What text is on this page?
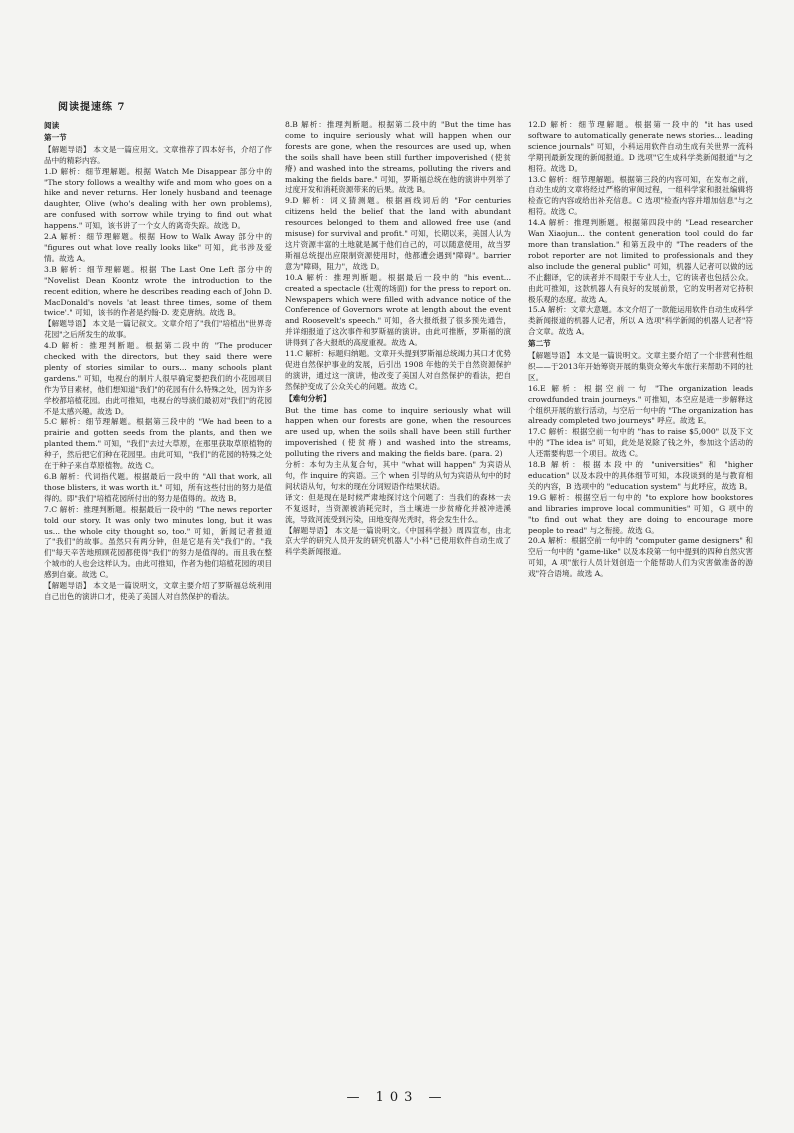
阅读提速练 7
阅读
第一节

【解题导语】 本文是一篇应用文。文章推荐了四本好书，介绍了作品中的精彩内容。

1.D 解析：细节理解题。根据 Watch Me Disappear 部分中的 "The story follows a wealthy wife and mom who goes on a hike and never returns. Her lonely husband and teenage daughter, Olive (who's dealing with her own problems), are confused with sorrow while trying to find out what happens." 可知，该书讲了一个女人的离奇失踪。故选 D。

2.A 解析：细节理解题。根据 How to Walk Away 部分中的 "figures out what love really looks like" 可知，此书涉及爱情。故选 A。

3.B 解析：细节理解题。根据 The Last One Left 部分中的 "Novelist Dean Koontz wrote the introduction to the recent edition, where he describes reading each of John D. MacDonald's novels 'at least three times, some of them twice'." 可知，该书的作者是约翰·D. 麦克唐纳。故选 B。

【解题导语】 本文是一篇记叙文。文章介绍了"我们"培植出"世界奇花园"之后所发生的故事。

4.D 解析：推理判断题。根据第二段中的 "The producer checked with the directors, but they said there were plenty of stories similar to ours... many schools plant gardens." 可知，电视台的制片人很早确定要把我们的小花园项目作为节目素材，他们想知道"我们"的花园有什么特殊之处，因为许多学校都培植花园。由此可推知，电视台的导演们最初对"我们"的花园不是太感兴趣。故选 D。

5.C 解析：细节理解题。根据第三段中的 "We had been to a prairie and gotten seeds from the plants, and then we planted them." 可知，"我们"去过大草原，在那里获取草原植物的种子，然后把它们种在花园里。由此可知，"我们"的花园的特殊之处在于种子来自草原植物。故选 C。

6.B 解析：代词指代题。根据最后一段中的 "All that work, all those blisters, it was worth it." 可知，所有这些付出的努力是值得的。即"我们"培植花园所付出的努力是值得的。故选 B。

7.C 解析：推理判断题。根据最后一段中的 "The news reporter told our story. It was only two minutes long, but it was us... the whole city thought so, too." 可知，新闻记者报道了"我们"的故事。虽然只有两分钟，但是它是有关"我们"的。"我们"每天辛苦地照顾花园都使得"我们"的努力是值得的。而且我在整个城市的人也会这样认为。由此可推知，作者为他们培植花园的项目感到自豪。故选 C。

【解题导语】 本文是一篇说明文，文章主要介绍了罗斯福总统利用自己出色的演讲口才，使美了美国人对自然保护的看法。

8.B 解析：推理判断题。根据第二段中的 "But the time has come to inquire seriously what will happen when our forests are gone, when the resources are used up, when the soils shall have been still further impoverished (使贫瘠) and washed into the streams, polluting the rivers and making the fields bare." 可知，罗斯福总统在他的演讲中列举了过度开发和消耗资源带来的后果。故选 B。

9.D 解析：词义猜测题。根据画线词后的 "For centuries citizens held the belief that the land with abundant resources belonged to them and allowed free use (and misuse) for survival and profit." 可知，长期以来，美国人认为这片资源丰富的土地就是属于他们自己的，可以随意使用，故当罗斯福总统提出应限制资源使用时，他都遭会遇到"障碍"。barrier 意为"障碍，阻力"，故选 D。

10.A 解析：推理判断题。根据最后一段中的 "his event... created a spectacle (壮观的场面) for the press to report on. Newspapers which were filled with advance notice of the Conference of Governors wrote at length about the event and Roosevelt's speech." 可知，各大报纸报了很多预先通告，并详细报道了这次事件和罗斯福的演讲。由此可推断，罗斯福的演讲得到了各大报纸的高度重视。故选 A。

11.C 解析：标题归纳题。文章开头提到罗斯福总统竭力其口才优势促进自然保护事业的发展，后引出 1908 年他的关于自然资源保护的演讲，通过这一演讲，他改变了美国人对自然保护的看法，把自然保护变成了公众关心的问题。故选 C。

【难句分析】

But the time has come to inquire seriously what will happen when our forests are gone, when the resources are used up, when the soils shall have been still further impoverished (使贫瘠) and washed into the streams, polluting the rivers and making the fields bare. (para. 2)

分析：本句为主从复合句，其中 "what will happen" 为宾语从句，作 inquire 的宾语。三个 when 引导的从句为宾语从句中的时间状语从句，句末的现在分词短语作结果状语。

译文：但是现在是时候严肃地探讨这个问题了：当我们的森林一去不复返时，当资源被消耗完时，当土壤进一步贫瘠化并被冲进溪流，导致河流受到污染，田地变得光秃时，将会发生什么。

【解题导语】 本文是一篇说明文。《中国科学报》周四宣布，由北京大学的研究人员开发的研究机器人"小科"已使用软件自动生成了科学类新闻报道。

12.D 解析：细节理解题。根据第一段中的 "it has used software to automatically generate news stories... leading science journals" 可知，小科运用软件自动生成有关世界一流科学期刊最新发现的新闻报道。D 选项"它生成科学类新闻报道"与之相符。故选 D。

13.C 解析：细节理解题。根据第三段的内容可知，在发布之前，自动生成的文章将经过严格的审阅过程，一组科学家和报社编辑将检查它的内容或给出补充信息。C 选项"检查内容并增加信息"与之相符。故选 C。

14.A 解析：推理判断题。根据第四段中的 "Lead researcher Wan Xiaojun... the content generation tool could do far more than translation." 和第五段中的 "The readers of the robot reporter are not limited to professionals and they also include the general public" 可知，机器人记者可以做的远不止翻译，它的读者并不局限于专业人士，它的读者也包括公众。由此可推知，这款机器人有良好的发展前景，它的发明者对它持积极乐观的态度。故选 A。

15.A 解析：文章大意题。本文介绍了一款能运用软件自动生成科学类新闻报道的机器人记者，所以 A 选项"科学新闻的机器人记者"符合文章。故选 A。

第二节

【解题导语】 本文是一篇说明文。文章主要介绍了一个非营利性组织——于2013年开始筹资开展的集资众筹火车旅行来帮助不同的社区。

16.E 解析：根据空前一句 "The organization leads crowdfunded train journeys." 可推知，本空应是进一步解释这个组织开展的旅行活动，与空后一句中的 "The organization has already completed two journeys" 呼应。故选 E。

17.C 解析：根据空前一句中的 "has to raise $5,000" 以及下文中的 "The idea is" 可知，此处是说除了钱之外，参加这个活动的人还需要构思一个项目。故选 C。

18.B 解析：根据本段中的 "universities" 和 "higher education" 以及本段中的具体细节可知，本段谈到的是与教育相关的内容，B 选项中的 "education system" 与此呼应，故选 B。

19.G 解析：根据空后一句中的 "to explore how bookstores and libraries improve local communities" 可知，G 项中的 "to find out what they are doing to encourage more people to read" 与之衔接。故选 G。

20.A 解析：根据空前一句中的 "computer game designers" 和空后一句中的 "game-like" 以及本段第一句中提到的四种自然灾害可知，A 项"旅行人员计划创造一个能帮助人们为灾害做准备的游戏"符合语境。故选 A。

— 103 —
